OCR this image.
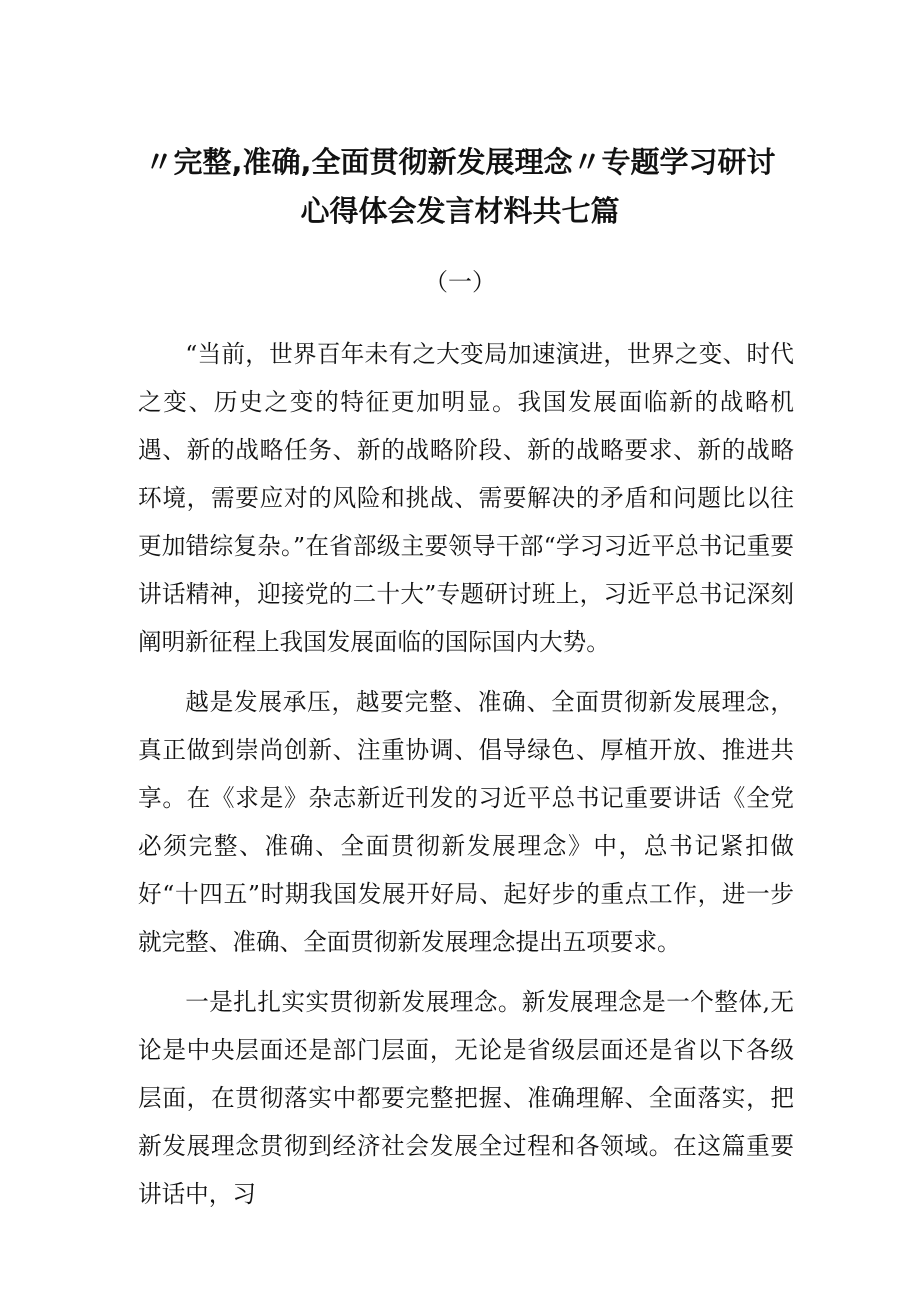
〃完整,准确,全面贯彻新发展理念〃专题学习研讨
心得体会发言材料共七篇
（一）

“当前，世界百年未有之大变局加速演进，世界之变、时代之变、历史之变的特征更加明显。我国发展面临新的战略机遇、新的战略任务、新的战略阶段、新的战略要求、新的战略环境，需要应对的风险和挑战、需要解决的矛盾和问题比以往更加错综复杂。”在省部级主要领导干部“学习习近平总书记重要讲话精神，迎接党的二十大”专题研讨班上，习近平总书记深刻阐明新征程上我国发展面临的国际国内大势。

越是发展承压，越要完整、准确、全面贯彻新发展理念，真正做到崇尚创新、注重协调、倡导绿色、厚植开放、推进共享。在《求是》杂志新近刊发的习近平总书记重要讲话《全党必须完整、准确、全面贯彻新发展理念》中，总书记紧扣做好“十四五”时期我国发展开好局、起好步的重点工作，进一步就完整、准确、全面贯彻新发展理念提出五项要求。

一是扎扎实实贯彻新发展理念。新发展理念是一个整体,无论是中央层面还是部门层面，无论是省级层面还是省以下各级层面，在贯彻落实中都要完整把握、准确理解、全面落实，把新发展理念贯彻到经济社会发展全过程和各领域。在这篇重要讲话中，习
